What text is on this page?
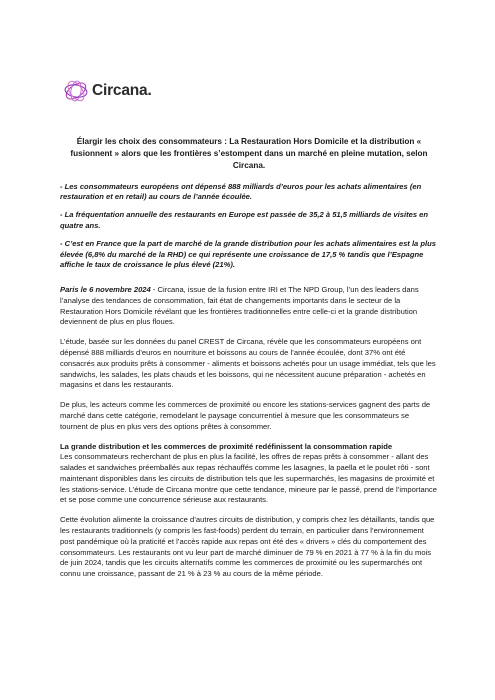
Circana.

Élargir les choix des consommateurs : La Restauration Hors Domicile et la distribution « fusionnent » alors que les frontières s’estompent dans un marché en pleine mutation, selon Circana.

- Les consommateurs européens ont dépensé 888 milliards d’euros pour les achats alimentaires (en restauration et en retail) au cours de l’année écoulée.

- La fréquentation annuelle des restaurants en Europe est passée de 35,2 à 51,5 milliards de visites en quatre ans.

- C’est en France que la part de marché de la grande distribution pour les achats alimentaires est la plus élevée (6,8% du marché de la RHD) ce qui représente une croissance de 17,5 % tandis que l’Espagne affiche le taux de croissance le plus élevé (21%).

Paris le 6 novembre 2024 - Circana, issue de la fusion entre IRI et The NPD Group, l’un des leaders dans l’analyse des tendances de consommation, fait état de changements importants dans le secteur de la Restauration Hors Domicile révélant que les frontières traditionnelles entre celle-ci et la grande distribution deviennent de plus en plus floues.

L’étude, basée sur les données du panel CREST de Circana, révèle que les consommateurs européens ont dépensé 888 milliards d’euros en nourriture et boissons au cours de l’année écoulée, dont 37% ont été consacrés aux produits prêts à consommer - aliments et boissons achetés pour un usage immédiat, tels que les sandwichs, les salades, les plats chauds et les boissons, qui ne nécessitent aucune préparation - achetés en magasins et dans les restaurants.

De plus, les acteurs comme les commerces de proximité ou encore les stations-services gagnent des parts de marché dans cette catégorie, remodelant le paysage concurrentiel à mesure que les consommateurs se tournent de plus en plus vers des options prêtes à consommer.

La grande distribution et les commerces de proximité redéfinissent la consommation rapide

Les consommateurs recherchant de plus en plus la facilité, les offres de repas prêts à consommer - allant des salades et sandwiches préemballés aux repas réchauffés comme les lasagnes, la paella et le poulet rôti - sont maintenant disponibles dans les circuits de distribution tels que les supermarchés, les magasins de proximité et les stations-service. L’étude de Circana montre que cette tendance, mineure par le passé, prend de l’importance et se pose comme une concurrence sérieuse aux restaurants.

Cette évolution alimente la croissance d’autres circuits de distribution, y compris chez les détaillants, tandis que les restaurants traditionnels (y compris les fast-foods) perdent du terrain, en particulier dans l’environnement post pandémique où la praticité et l’accès rapide aux repas ont été des « drivers » clés du comportement des consommateurs. Les restaurants ont vu leur part de marché diminuer de 79 % en 2021 à 77 % à la fin du mois de juin 2024, tandis que les circuits alternatifs comme les commerces de proximité ou les supermarchés ont connu une croissance, passant de 21 % à 23 % au cours de la même période.
